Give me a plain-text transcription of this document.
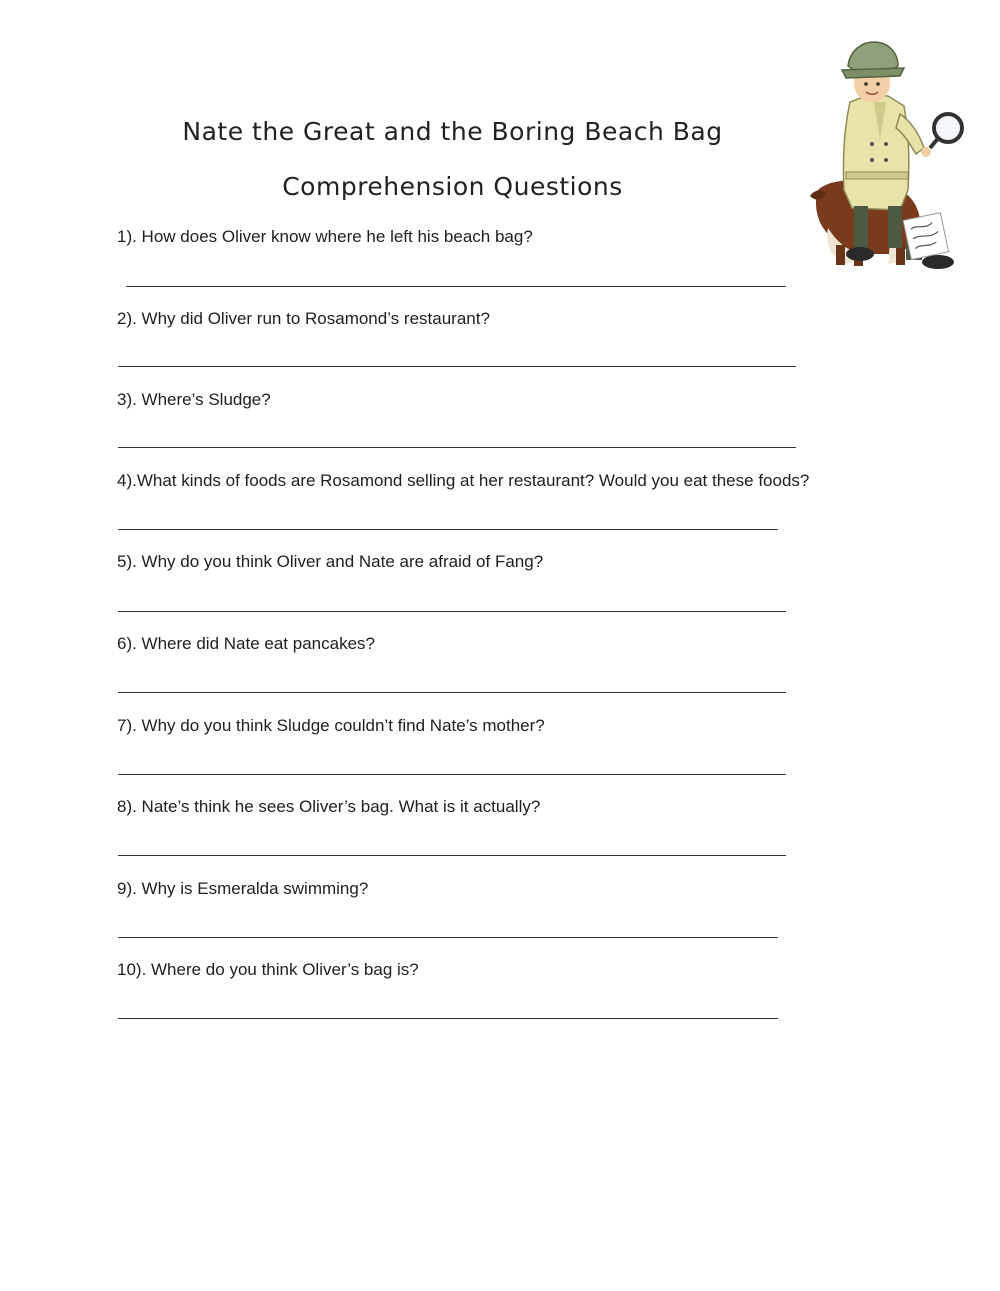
Nate the Great and the Boring Beach Bag
Comprehension Questions
1). How does Oliver know where he left his beach bag?
2). Why did Oliver run to Rosamond’s restaurant?
3). Where’s Sludge?
4).What kinds of foods are Rosamond selling at her restaurant? Would you eat these foods?
5). Why do you think Oliver and Nate are afraid of Fang?
6). Where did Nate eat pancakes?
7). Why do you think Sludge couldn’t find Nate’s mother?
8). Nate’s think he sees Oliver’s bag. What is it actually?
9). Why is Esmeralda swimming?
10). Where do you think Oliver’s bag is?
